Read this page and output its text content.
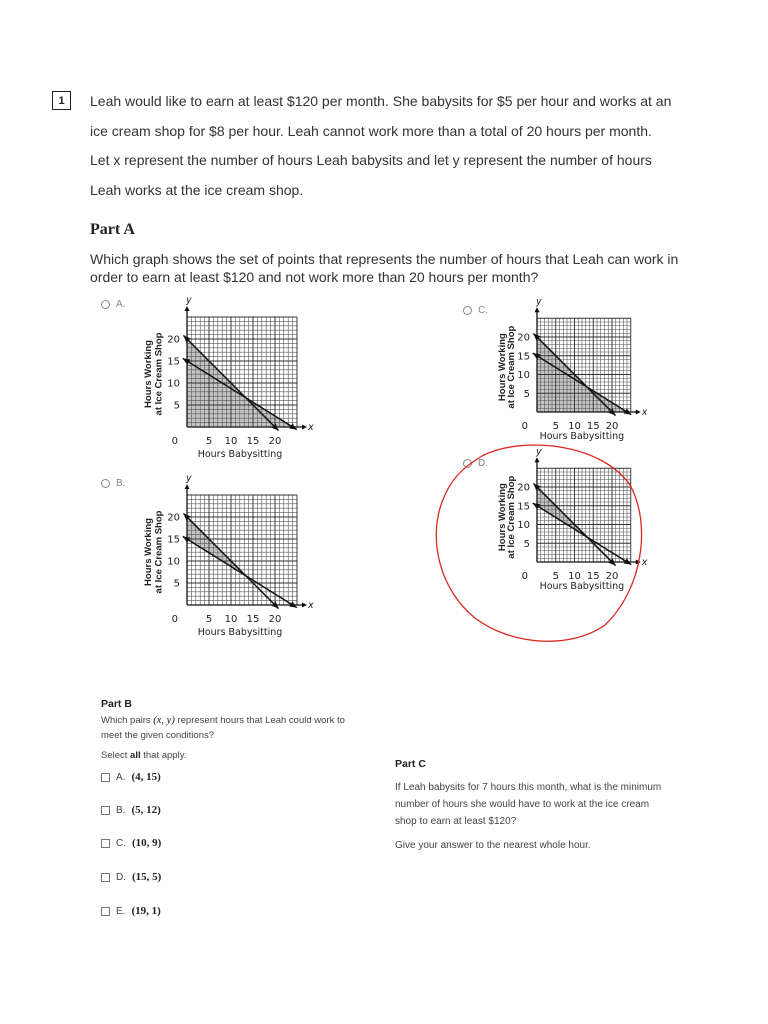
1	Leah would like to earn at least $120 per month. She babysits for $5 per hour and works at an
ice cream shop for $8 per hour. Leah cannot work more than a total of 20 hours per month.
Let x represent the number of hours Leah babysits and let y represent the number of hours
Leah works at the ice cream shop.
Part A
Which graph shows the set of points that represents the number of hours that Leah can work in order to earn at least $120 and not work more than 20 hours per month?
A.
B.
C.
D.
y
x
0	5
5
10
10
15
15
20
20
Hours Babysitting
Hours Working at Ice Cream Shop
y
x
0	5
5
10
10
15
15
20
20
Hours Babysitting
Hours Working at Ice Cream Shop
y
x
0 5
5
10
10
15
15
20
20
Hours Babysitting
Hours Working
at Ice Cream Shop
y
x
0 5
5
10
10
15
15
20
20
Hours Babysitting
Hours Working
at Ice Cream Shop
Part B
Which pairs (x, y) represent hours that Leah could work to
meet the given conditions?
Select all that apply.
A. (4, 15)
B. (5, 12)
C. (10, 9)
D. (15, 5)
E. (19, 1)
Part C
If Leah babysits for 7 hours this month, what is the minimum
number of hours she would have to work at the ice cream
shop to earn at least $120?
Give your answer to the nearest whole hour.
